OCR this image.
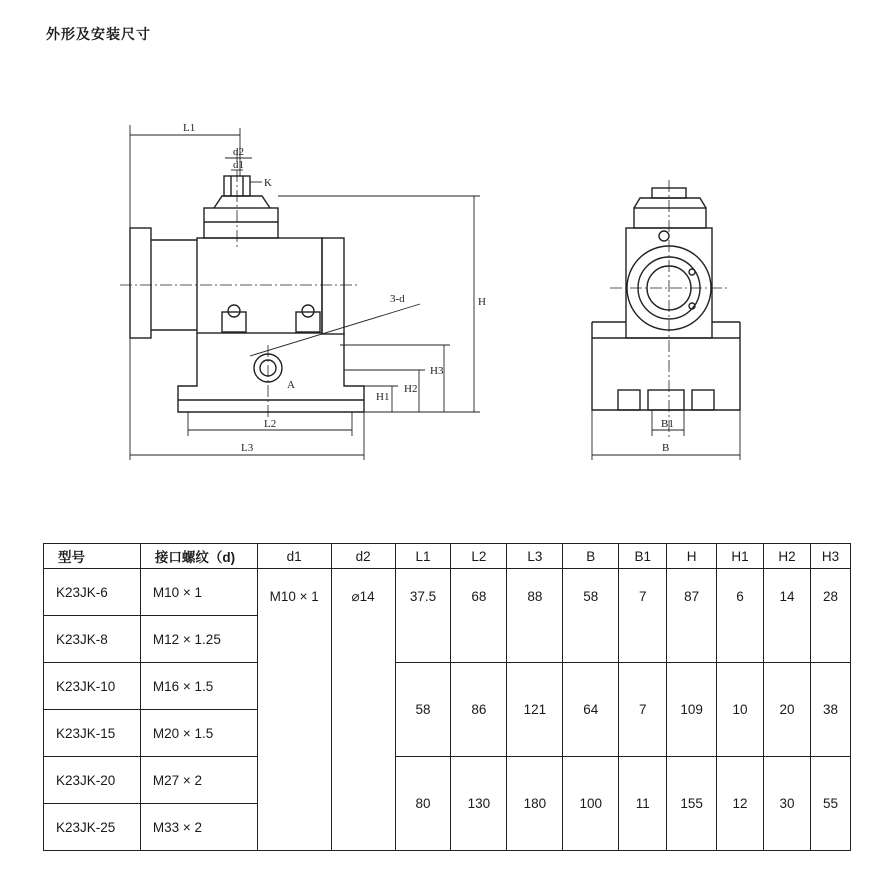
外形及安装尺寸
L1
d2
d1
K
H
3-d
A
H3
H2
H1
L2
L3
B1
B
型号	接口螺纹（d)	d1	d2	L1	L2	L3	B	B1	H	H1	H2	H3
K23JK-6	M10 × 1	M10 × 1	⌀14	37.5	68	88	58	7	87	6	14	28
K23JK-8	M12 × 1.25											
K23JK-10	M16 × 1.5			58	86	121	64	7	109	10	20	38
K23JK-15	M20 × 1.5											
K23JK-20	M27 × 2			80	130	180	100	11	155	12	30	55
K23JK-25	M33 × 2											
